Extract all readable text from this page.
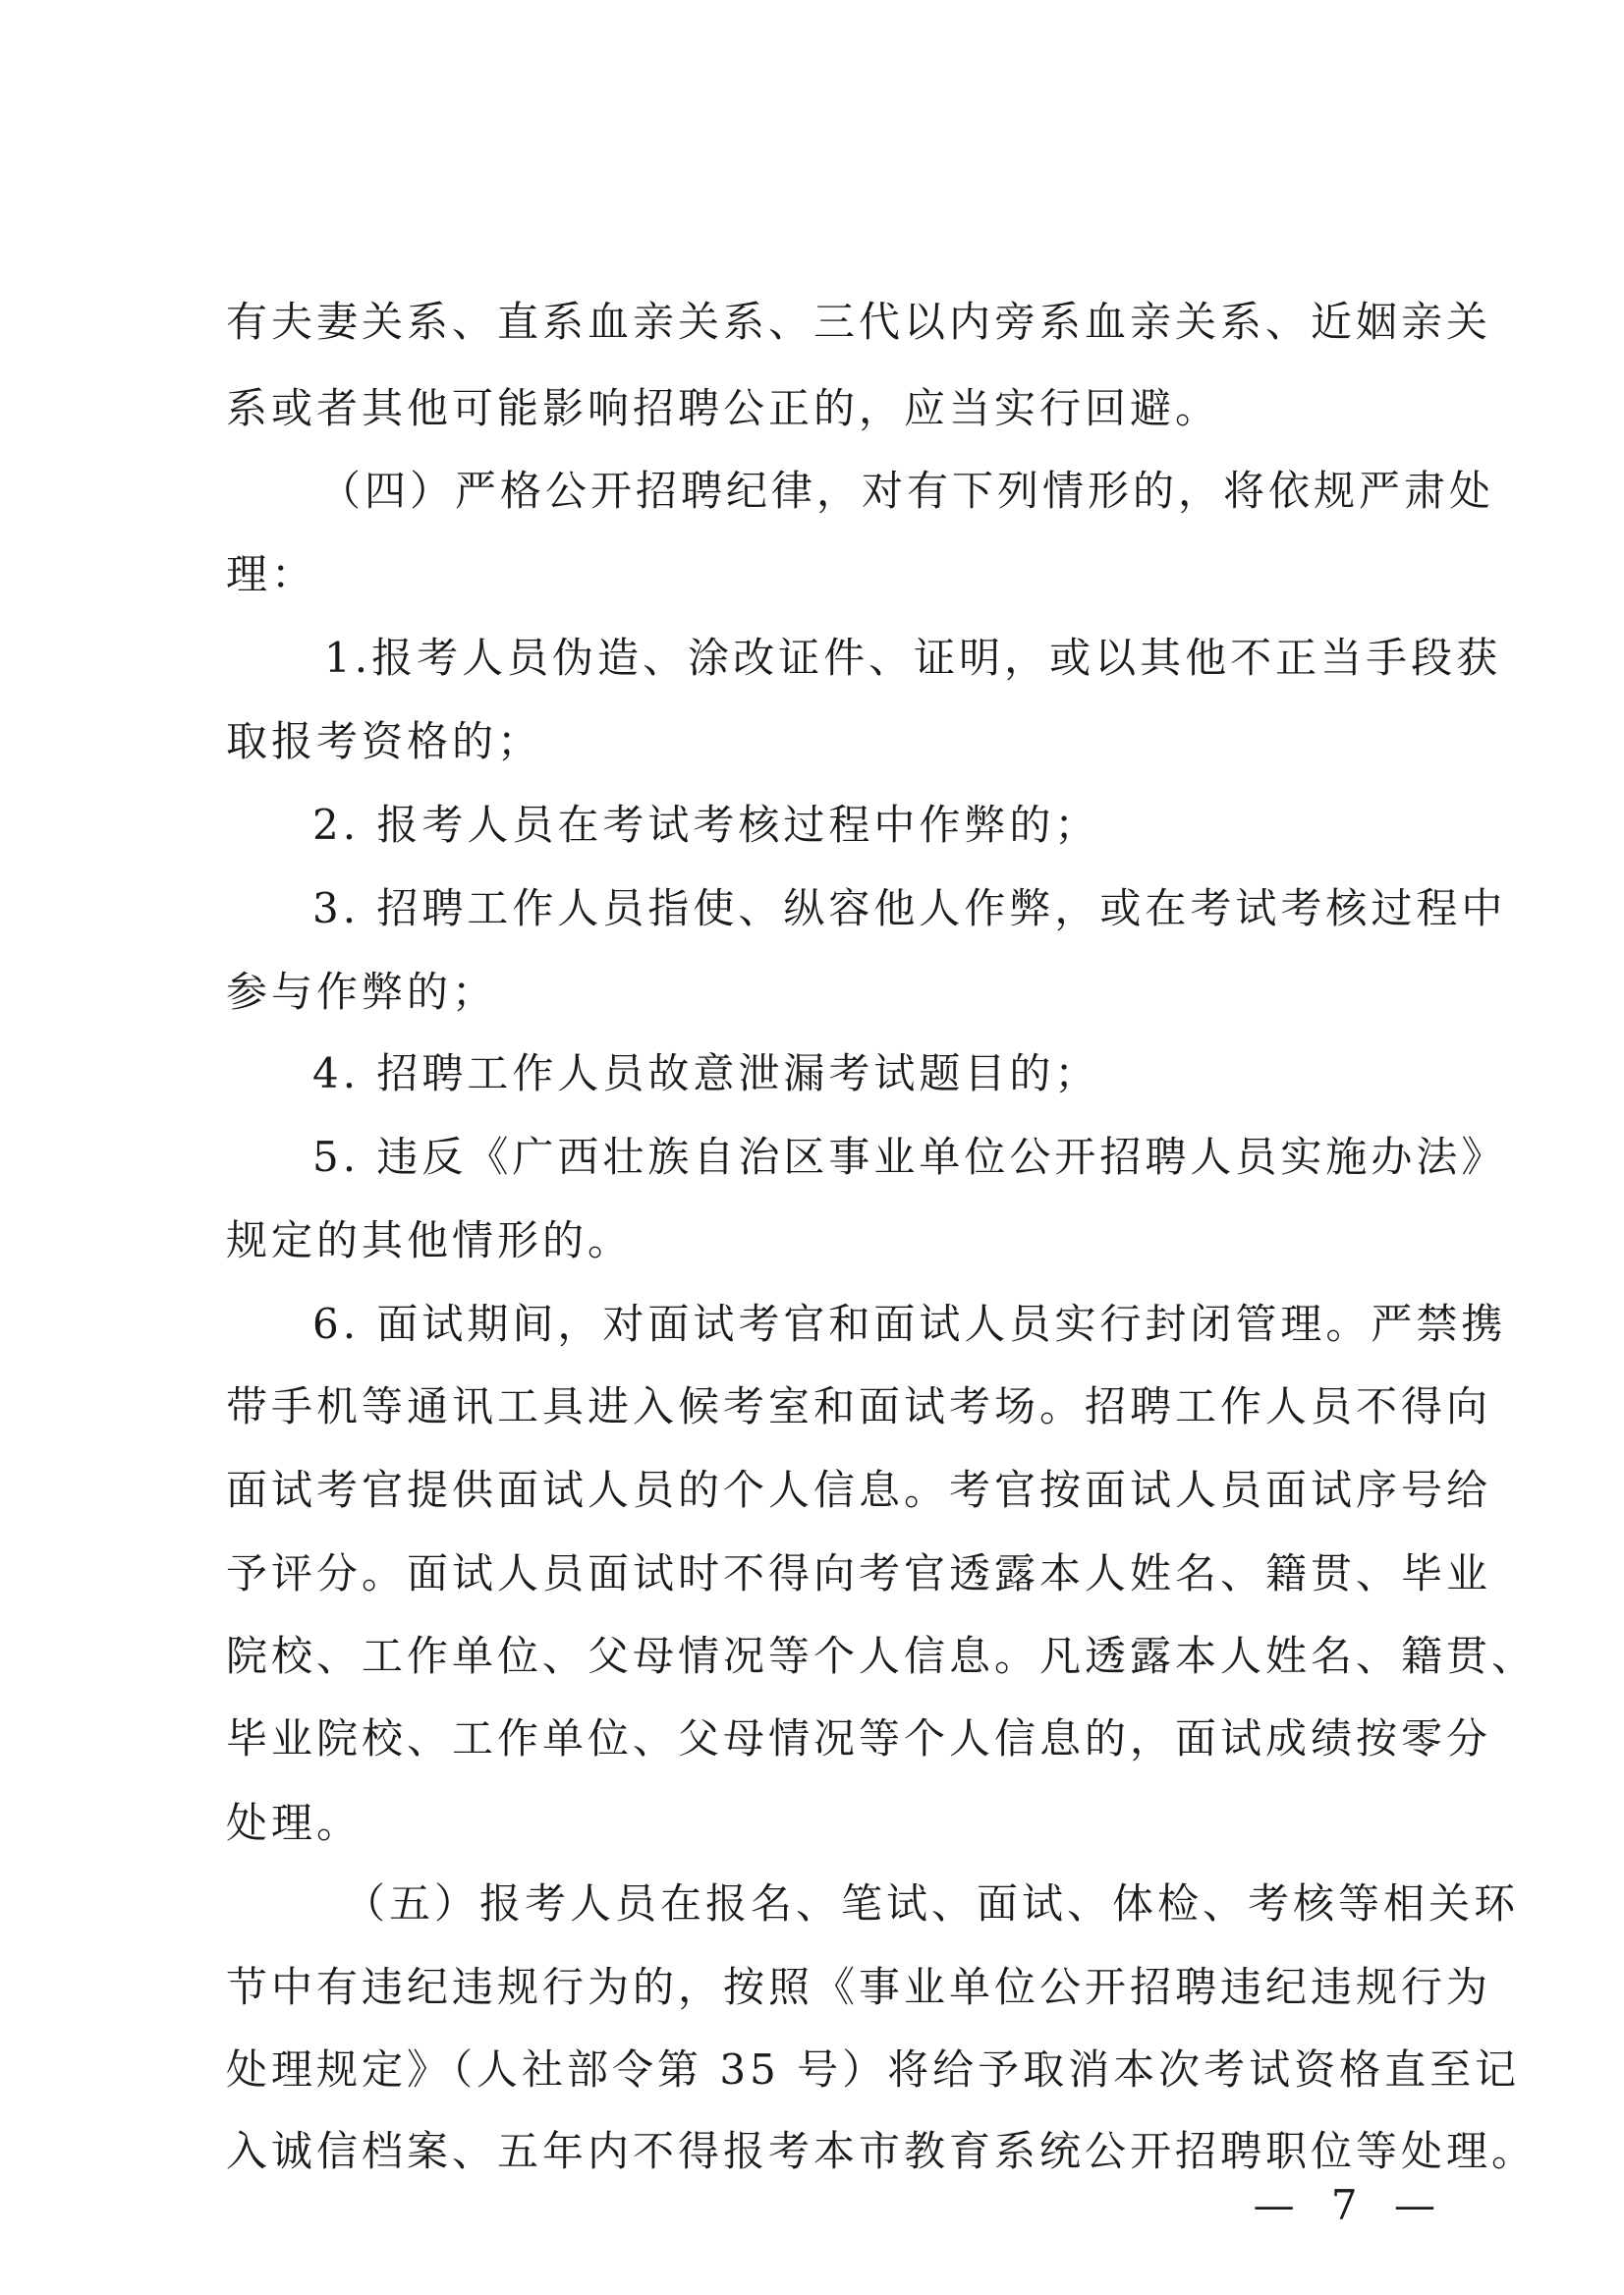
有夫妻关系、直系血亲关系、三代以内旁系血亲关系、近姻亲关
系或者其他可能影响招聘公正的，应当实行回避。
（四）严格公开招聘纪律，对有下列情形的，将依规严肃处
理：
1.报考人员伪造、涂改证件、证明，或以其他不正当手段获
取报考资格的；
2. 报考人员在考试考核过程中作弊的；
3. 招聘工作人员指使、纵容他人作弊，或在考试考核过程中
参与作弊的；
4. 招聘工作人员故意泄漏考试题目的；
5. 违反《广西壮族自治区事业单位公开招聘人员实施办法》
规定的其他情形的。
6. 面试期间，对面试考官和面试人员实行封闭管理。严禁携
带手机等通讯工具进入候考室和面试考场。招聘工作人员不得向
面试考官提供面试人员的个人信息。考官按面试人员面试序号给
予评分。面试人员面试时不得向考官透露本人姓名、籍贯、毕业
院校、工作单位、父母情况等个人信息。凡透露本人姓名、籍贯、
毕业院校、工作单位、父母情况等个人信息的，面试成绩按零分
处理。
（五）报考人员在报名、笔试、面试、体检、考核等相关环
节中有违纪违规行为的，按照《事业单位公开招聘违纪违规行为
处理规定》（人社部令第 35 号）将给予取消本次考试资格直至记
入诚信档案、五年内不得报考本市教育系统公开招聘职位等处理。
— 7 —
